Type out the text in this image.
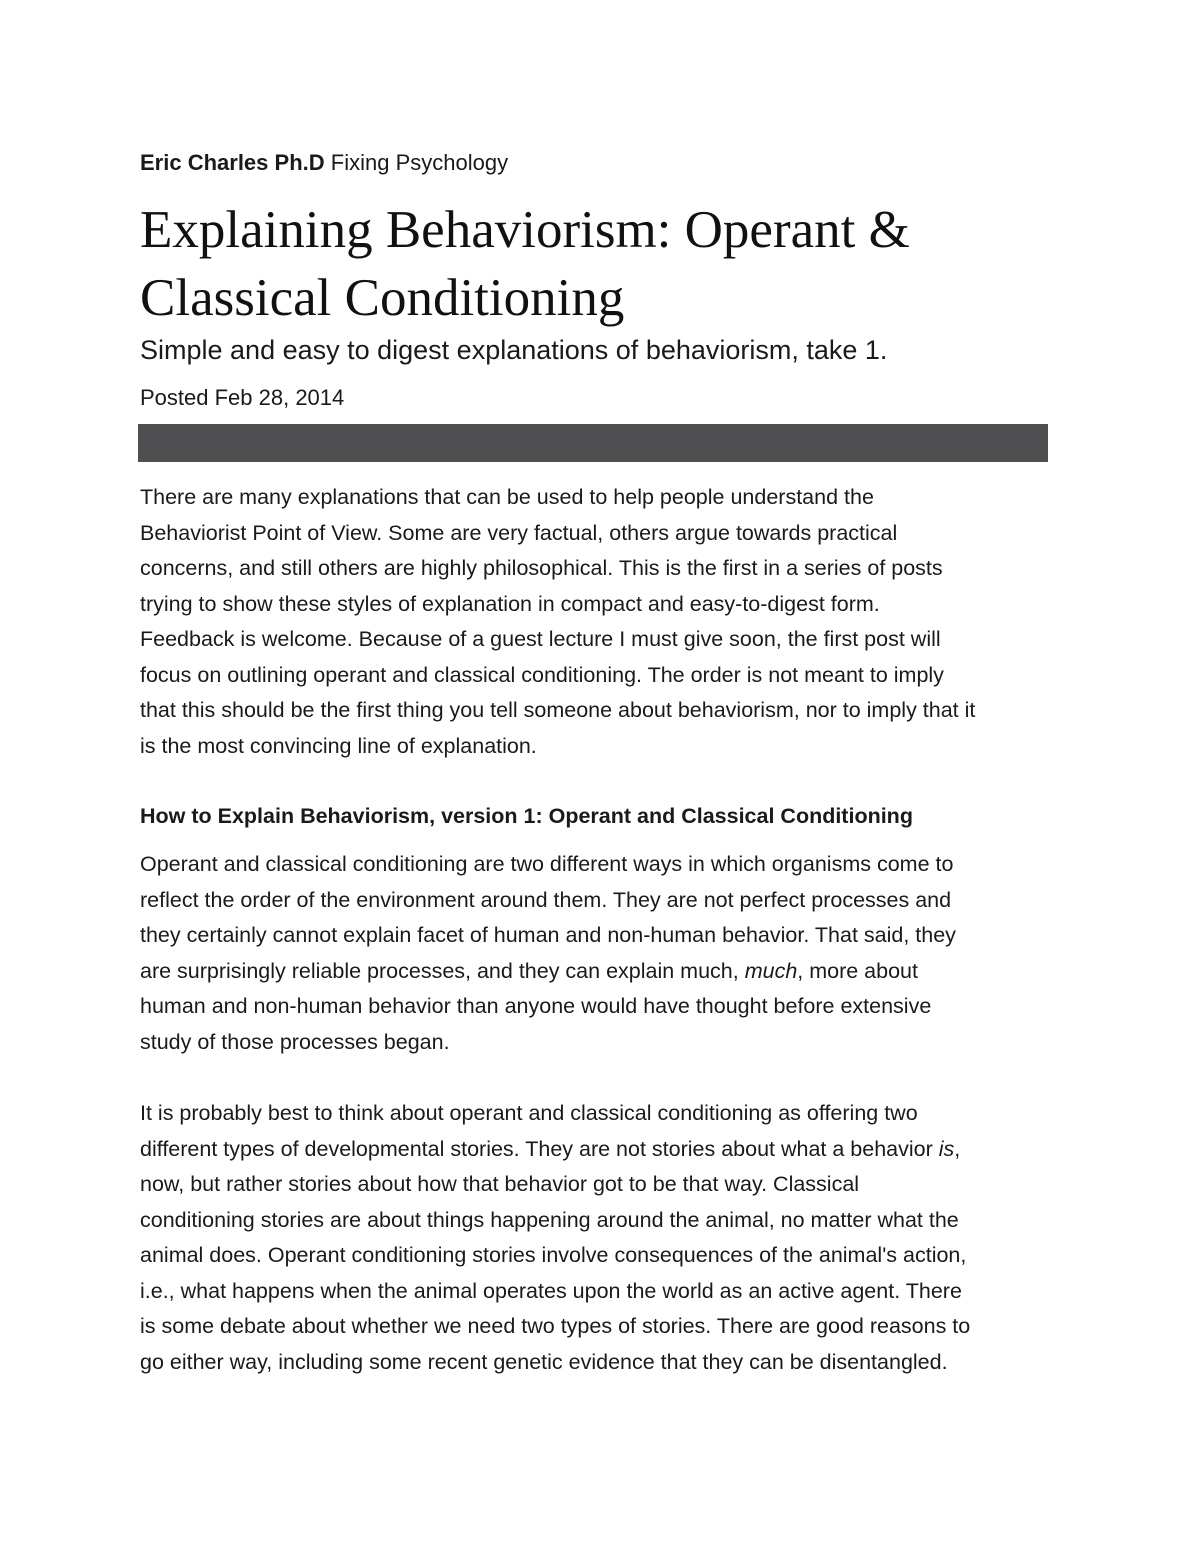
Eric Charles Ph.D Fixing Psychology
Explaining Behaviorism: Operant & Classical Conditioning
Simple and easy to digest explanations of behaviorism, take 1.
Posted Feb 28, 2014

There are many explanations that can be used to help people understand the
Behaviorist Point of View. Some are very factual, others argue towards practical
concerns, and still others are highly philosophical. This is the first in a series of posts
trying to show these styles of explanation in compact and easy-to-digest form.
Feedback is welcome. Because of a guest lecture I must give soon, the first post will
focus on outlining operant and classical conditioning. The order is not meant to imply
that this should be the first thing you tell someone about behaviorism, nor to imply that it
is the most convincing line of explanation.

How to Explain Behaviorism, version 1: Operant and Classical Conditioning

Operant and classical conditioning are two different ways in which organisms come to
reflect the order of the environment around them. They are not perfect processes and
they certainly cannot explain facet of human and non-human behavior. That said, they
are surprisingly reliable processes, and they can explain much, much, more about
human and non-human behavior than anyone would have thought before extensive
study of those processes began.

It is probably best to think about operant and classical conditioning as offering two
different types of developmental stories. They are not stories about what a behavior is,
now, but rather stories about how that behavior got to be that way. Classical
conditioning stories are about things happening around the animal, no matter what the
animal does. Operant conditioning stories involve consequences of the animal's action,
i.e., what happens when the animal operates upon the world as an active agent. There
is some debate about whether we need two types of stories. There are good reasons to
go either way, including some recent genetic evidence that they can be disentangled.
